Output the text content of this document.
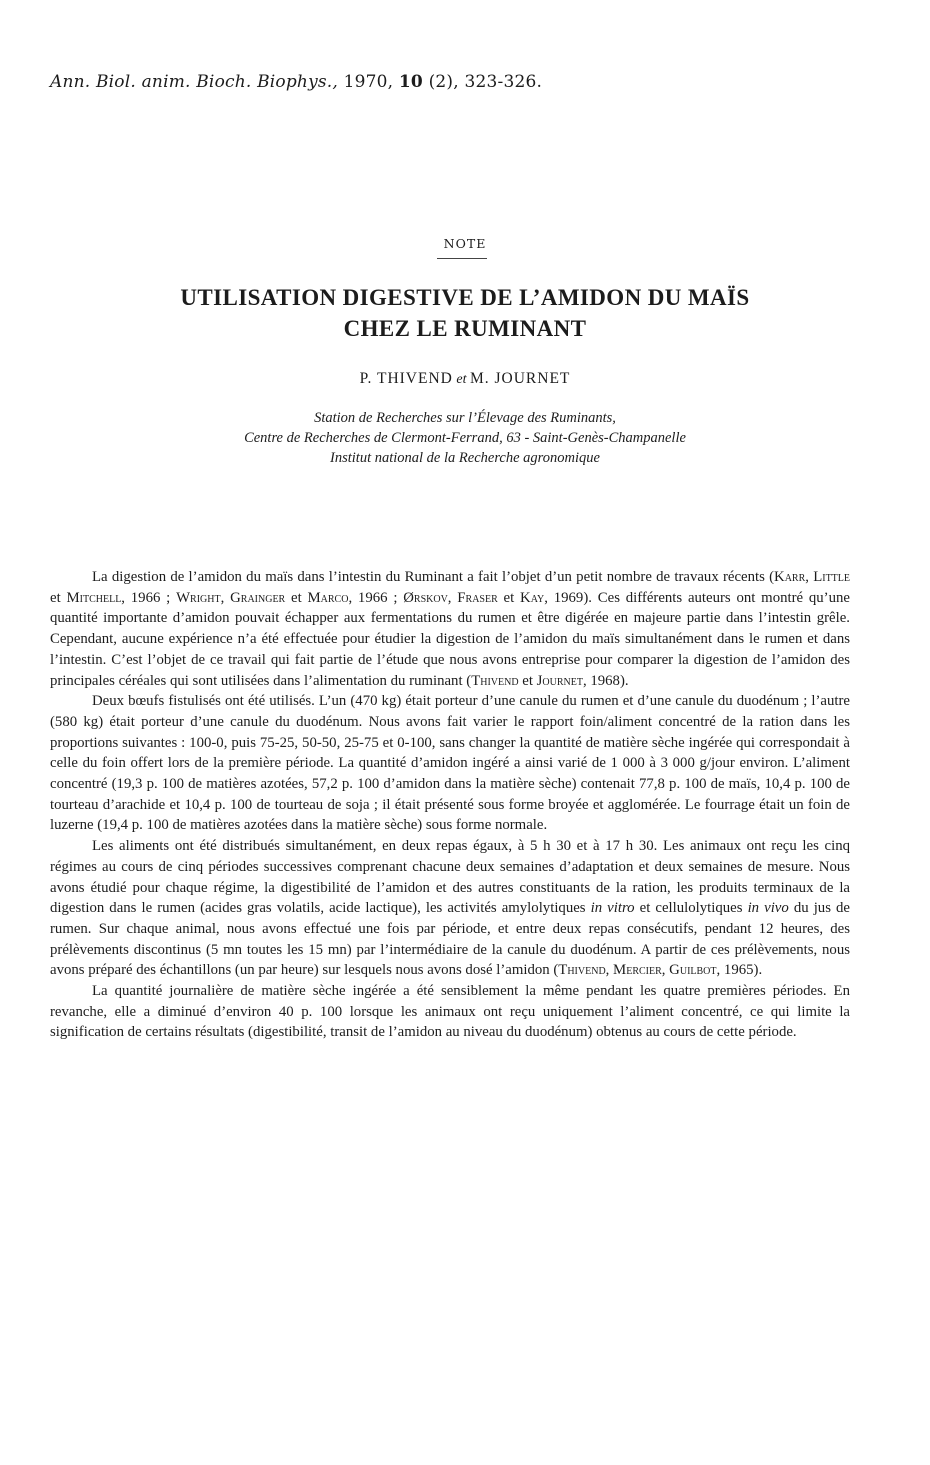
Ann. Biol. anim. Bioch. Biophys., 1970, 10 (2), 323-326.
NOTE
UTILISATION DIGESTIVE DE L’AMIDON DU MAÏS
CHEZ LE RUMINANT
P. THIVEND et M. JOURNET
Station de Recherches sur l’Élevage des Ruminants,
Centre de Recherches de Clermont-Ferrand, 63 - Saint-Genès-Champanelle
Institut national de la Recherche agronomique

La digestion de l’amidon du maïs dans l’intestin du Ruminant a fait l’objet d’un petit nombre de travaux récents (Karr, Little et Mitchell, 1966 ; Wright, Grainger et Marco, 1966 ; Ørskov, Fraser et Kay, 1969). Ces différents auteurs ont montré qu’une quantité importante d’amidon pouvait échapper aux fermentations du rumen et être digérée en majeure partie dans l’intestin grêle. Cependant, aucune expérience n’a été effectuée pour étudier la digestion de l’amidon du maïs simultanément dans le rumen et dans l’intestin. C’est l’objet de ce travail qui fait partie de l’étude que nous avons entreprise pour comparer la digestion de l’amidon des principales céréales qui sont utilisées dans l’alimentation du ruminant (Thivend et Journet, 1968).

Deux bœufs fistulisés ont été utilisés. L’un (470 kg) était porteur d’une canule du rumen et d’une canule du duodénum ; l’autre (580 kg) était porteur d’une canule du duodénum. Nous avons fait varier le rapport foin/aliment concentré de la ration dans les proportions suivantes : 100-0, puis 75-25, 50-50, 25-75 et 0-100, sans changer la quantité de matière sèche ingérée qui correspondait à celle du foin offert lors de la première période. La quantité d’amidon ingéré a ainsi varié de 1 000 à 3 000 g/jour environ. L’aliment concentré (19,3 p. 100 de matières azotées, 57,2 p. 100 d’amidon dans la matière sèche) contenait 77,8 p. 100 de maïs, 10,4 p. 100 de tourteau d’arachide et 10,4 p. 100 de tourteau de soja ; il était présenté sous forme broyée et agglomérée. Le fourrage était un foin de luzerne (19,4 p. 100 de matières azotées dans la matière sèche) sous forme normale.

Les aliments ont été distribués simultanément, en deux repas égaux, à 5 h 30 et à 17 h 30. Les animaux ont reçu les cinq régimes au cours de cinq périodes successives comprenant chacune deux semaines d’adaptation et deux semaines de mesure. Nous avons étudié pour chaque régime, la digestibilité de l’amidon et des autres constituants de la ration, les produits terminaux de la digestion dans le rumen (acides gras volatils, acide lactique), les activités amylolytiques in vitro et cellulolytiques in vivo du jus de rumen. Sur chaque animal, nous avons effectué une fois par période, et entre deux repas consécutifs, pendant 12 heures, des prélèvements discontinus (5 mn toutes les 15 mn) par l’intermédiaire de la canule du duodénum. A partir de ces prélèvements, nous avons préparé des échantillons (un par heure) sur lesquels nous avons dosé l’amidon (Thivend, Mercier, Guilbot, 1965).

La quantité journalière de matière sèche ingérée a été sensiblement la même pendant les quatre premières périodes. En revanche, elle a diminué d’environ 40 p. 100 lorsque les animaux ont reçu uniquement l’aliment concentré, ce qui limite la signification de certains résultats (digestibilité, transit de l’amidon au niveau du duodénum) obtenus au cours de cette période.
